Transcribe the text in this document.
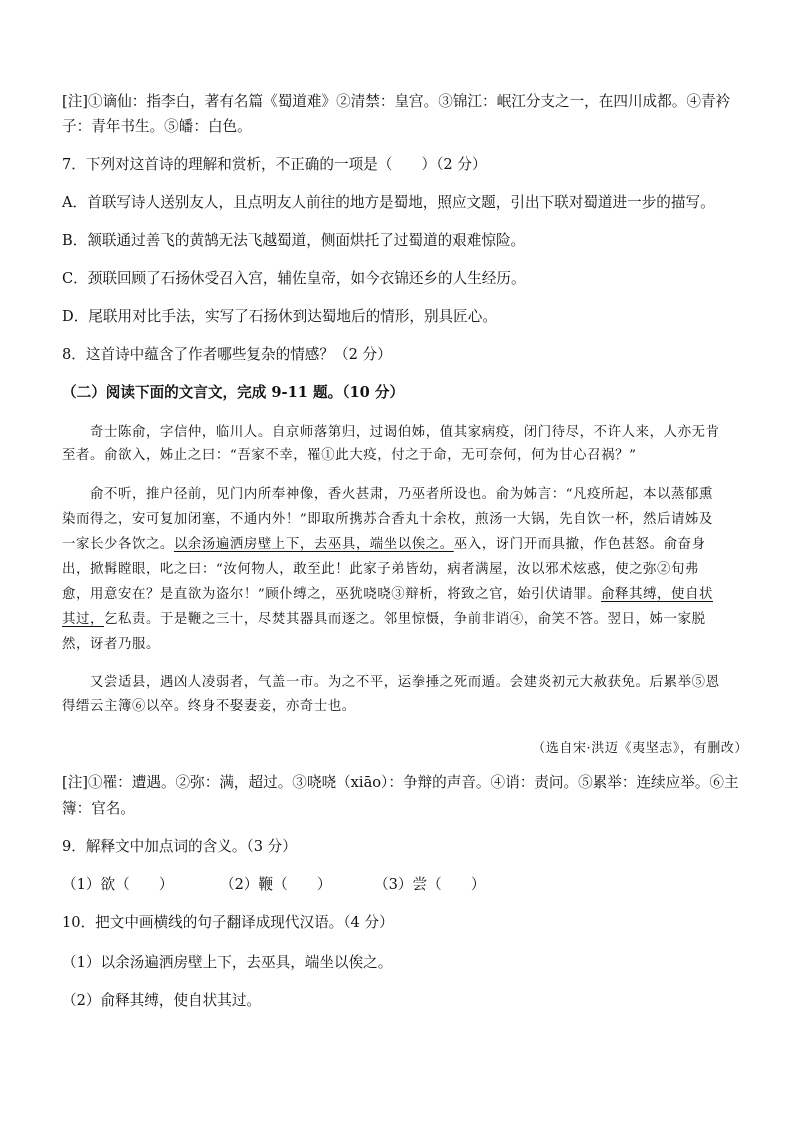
[注]①谪仙：指李白，著有名篇《蜀道难》②清禁：皇宫。③锦江：岷江分支之一，在四川成都。④青衿
子：青年书生。⑤皤：白色。
7．下列对这首诗的理解和赏析，不正确的一项是（　　）（2 分）
A．首联写诗人送别友人，且点明友人前往的地方是蜀地，照应文题，引出下联对蜀道进一步的描写。
B．颔联通过善飞的黄鹄无法飞越蜀道，侧面烘托了过蜀道的艰难惊险。
C．颈联回顾了石扬休受召入宫，辅佐皇帝，如今衣锦还乡的人生经历。
D．尾联用对比手法，实写了石扬休到达蜀地后的情形，别具匠心。
8．这首诗中蕴含了作者哪些复杂的情感？（2 分）
（二）阅读下面的文言文，完成 9-11 题。（10 分）
奇士陈俞，字信仲，临川人。自京师落第归，过谒伯姊，值其家病疫，闭门待尽，不许人来，人亦无肯
至者。俞欲入，姊止之曰：“吾家不幸，罹①此大疫，付之于命，无可奈何，何为甘心召祸？”
俞不听，推户径前，见门内所奉神像，香火甚肃，乃巫者所设也。俞为姊言：“凡疫所起，本以蒸郁熏
染而得之，安可复加闭塞，不通内外！”即取所携苏合香丸十余枚，煎汤一大锅，先自饮一杯，然后请姊及
一家长少各饮之。以余汤遍洒房壁上下，去巫具，端坐以俟之。巫入，讶门开而具撤，作色甚怒。俞奋身
出，掀髯瞠眼，叱之曰：“汝何物人，敢至此！此家子弟皆幼，病者满屋，汝以邪术炫惑，使之弥②旬弗
愈，用意安在？是直欲为盗尔！”顾仆缚之，巫犹哓哓③辩析，将致之官，始引伏请罪。俞释其缚，使自状
其过，乞私责。于是鞭之三十，尽焚其器具而逐之。邻里惊慑，争前非诮④，俞笑不答。翌日，姊一家脱
然，讶者乃服。
又尝适县，遇凶人凌弱者，气盖一市。为之不平，运拳捶之死而遁。会建炎初元大赦获免。后累举⑤恩
得缙云主簿⑥以卒。终身不娶妻妾，亦奇士也。
（选自宋·洪迈《夷坚志》，有删改）
[注]①罹：遭遇。②弥：满，超过。③哓哓（xiāo）：争辩的声音。④诮：责问。⑤累举：连续应举。⑥主
簿：官名。
9．解释文中加点词的含义。（3 分）
（1）欲（　　）	（2）鞭（　　）	（3）尝（　　）
10．把文中画横线的句子翻译成现代汉语。（4 分）
（1）以余汤遍洒房壁上下，去巫具，端坐以俟之。
（2）俞释其缚，使自状其过。
